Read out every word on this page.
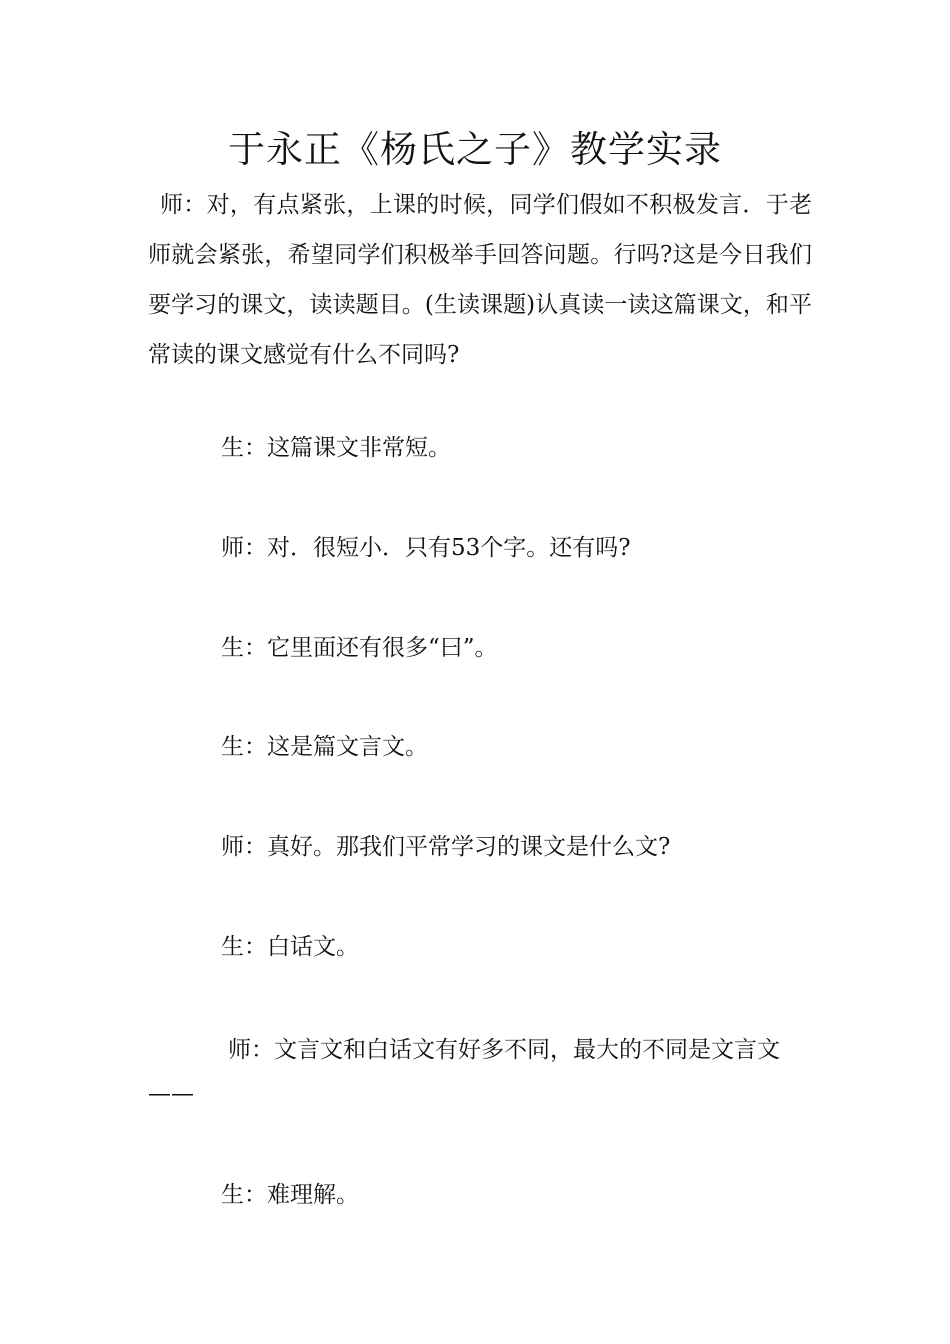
于永正《杨氏之子》教学实录

师：对，有点紧张，上课的时候，同学们假如不积极发言．于老师就会紧张，希望同学们积极举手回答问题。行吗?这是今日我们要学习的课文，读读题目。(生读课题)认真读一读这篇课文，和平常读的课文感觉有什么不同吗?

生：这篇课文非常短。

师：对．很短小．只有53个字。还有吗?

生：它里面还有很多“曰”。

生：这是篇文言文。

师：真好。那我们平常学习的课文是什么文?

生：白话文。

师：文言文和白话文有好多不同，最大的不同是文言文——

生：难理解。
